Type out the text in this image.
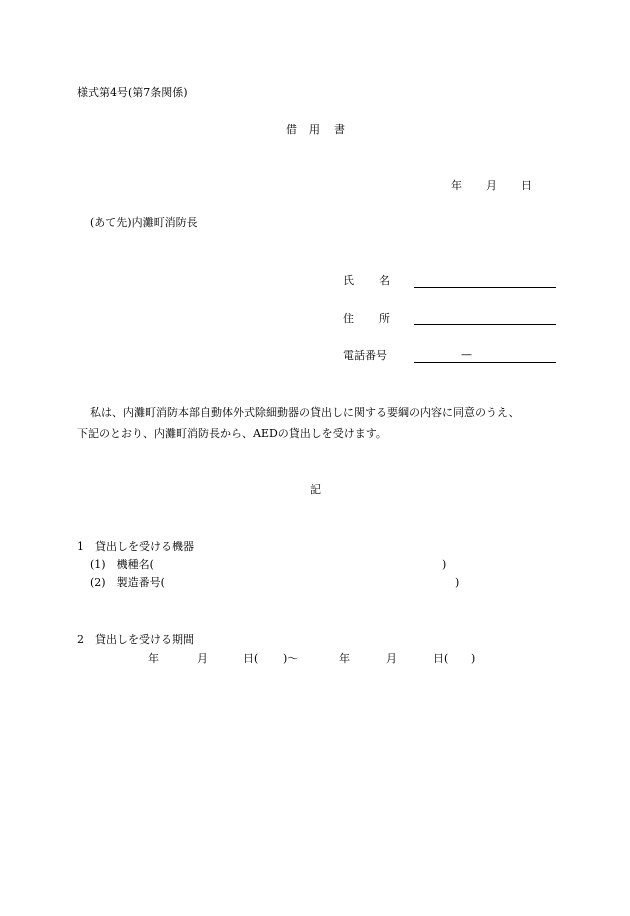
様式第4号(第7条関係)
借 用 書
年 月 日
(あて先)内灘町消防長
氏 名
住 所
電話番号	—
私は、内灘町消防本部自動体外式除細動器の貸出しに関する要綱の内容に同意のうえ、
下記のとおり、内灘町消防長から、AEDの貸出しを受けます。
記
1　貸出しを受ける機器
(1)　機種名(	)
(2)　製造番号(	)
2　貸出しを受ける期間
年	月	日( )～	年	月	日( )
